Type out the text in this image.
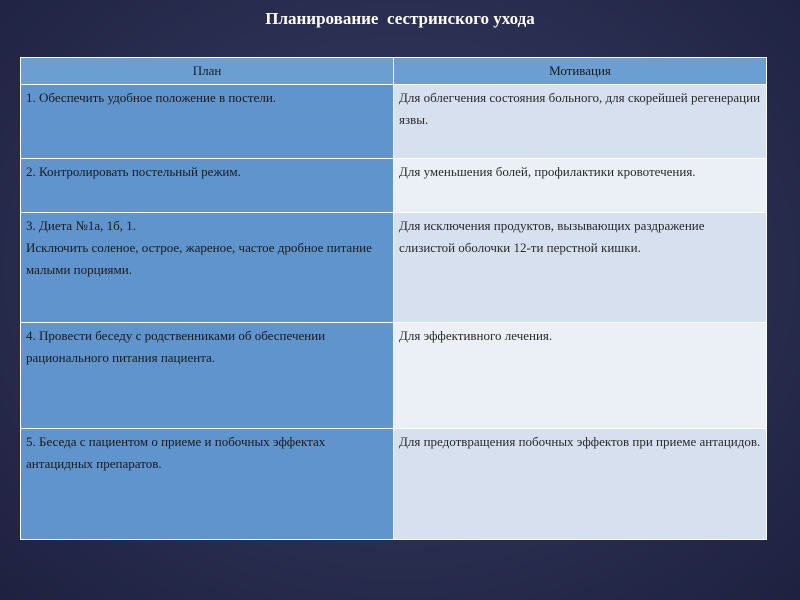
Планирование  сестринского ухода
План	Мотивация

1. Обеспечить удобное положение в постели.	Для облегчения состояния больного, для скорейшей регенерации язвы.

2. Контролировать постельный режим.	Для уменьшения болей, профилактики кровотечения.

3. Диета №1а, 1б, 1.
Исключить соленое, острое, жареное, частое дробное питание малыми порциями.	Для исключения продуктов, вызывающих раздражение слизистой оболочки 12-ти перстной кишки.

4. Провести беседу с родственниками об обеспечении рационального питания пациента.	Для эффективного лечения.

5. Беседа с пациентом о приеме и побочных эффектах антацидных препаратов.	Для предотвращения побочных эффектов при приеме антацидов.
